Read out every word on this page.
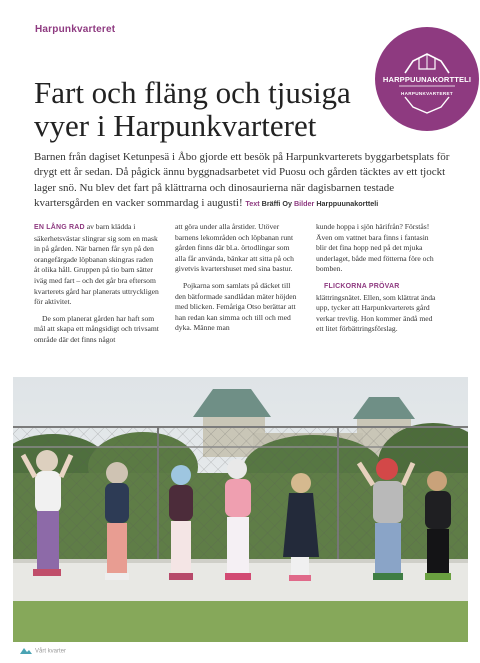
Harpunkvarteret
HARPPUUNAKORTTELI
HARPUNKVARTERET
Fart och fläng och tjusiga vyer i Harpunkvarteret

Barnen från dagiset Ketunpesä i Åbo gjorde ett besök på Harpunkvarterets byggarbetsplats för drygt ett år sedan. Då pågick ännu byggnadsarbetet vid Puosu och gården täcktes av ett tjockt lager snö. Nu blev det fart på klättrarna och dinosaurierna när dagisbarnen testade kvartersgården en vacker sommardag i augusti! Text Bräffi Oy Bilder Harppuunakortteli

EN LÅNG RAD av barn klädda i säkerhetsvästar slingrar sig som en mask in på gården. När barnen får syn på den orangefärgade löpbanan skingras raden åt olika håll. Gruppen på tio barn sätter iväg med fart – och det går bra eftersom kvarterets gård har planerats uttryckligen för aktivitet.

De som planerat gården har haft som mål att skapa ett mångsidigt och trivsamt område där det finns något

att göra under alla årstider. Utöver barnens lekområden och löpbanan runt gården finns där bl.a. örtodlingar som alla får använda, bänkar att sitta på och givetvis kvartershuset med sina bastur.

Pojkarna som samlats på däcket till den bätformade sandlådan mäter höjden med blicken. Femåriga Otso berättar att han redan kan simma och till och med dyka. Männe man

kunde hoppa i sjön härifrån? Förstås! Även om vattnet bara finns i fantasin blir det fina hopp ned på det mjuka underlaget, både med fötterna före och bomben.

FLICKORNA PRÖVAR klättringsnätet. Ellen, som klättrat ända upp, tycker att Harpunkvarterets gård verkar trevlig. Hon kommer ändå med ett litet förbättringsförslag.

Vårt kvarter
